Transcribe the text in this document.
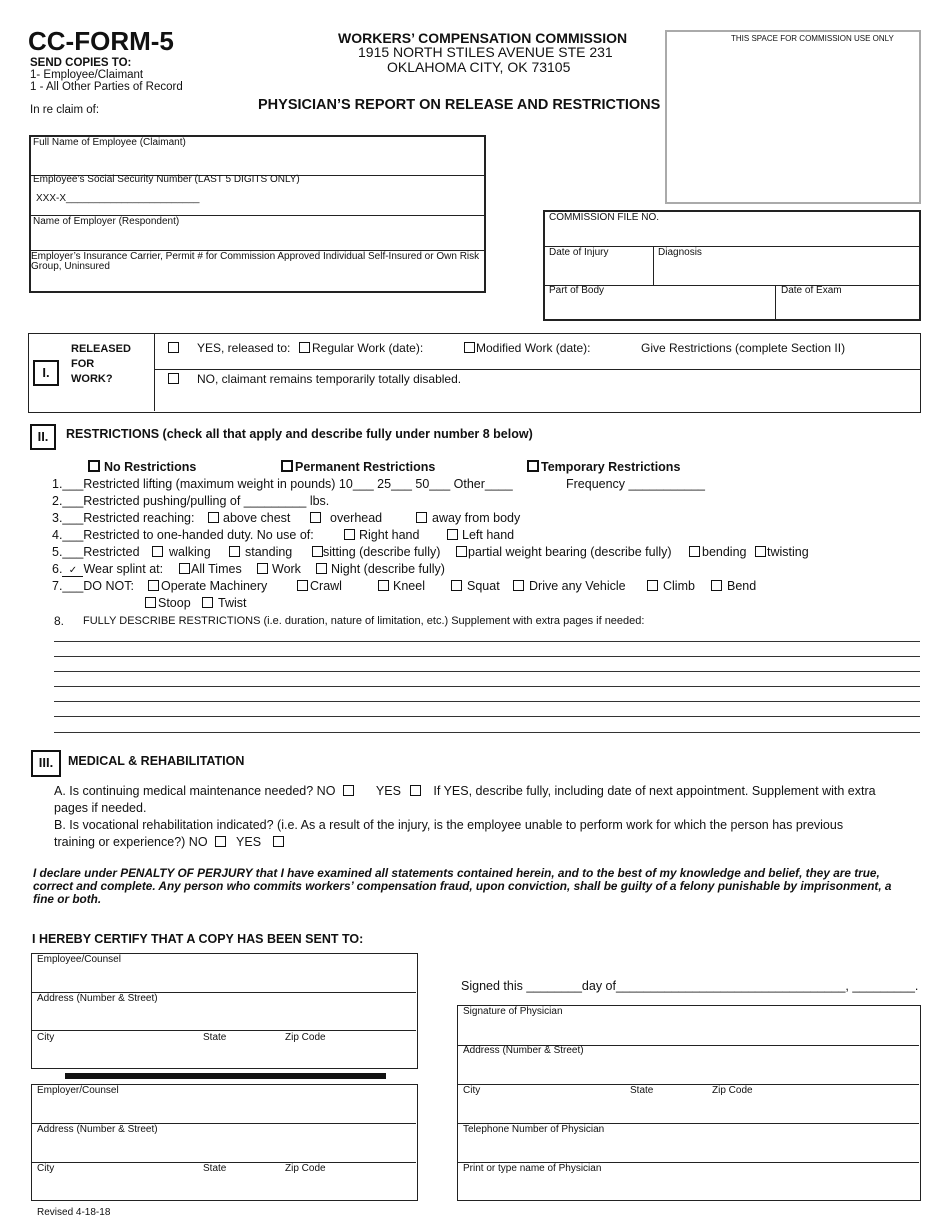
CC-FORM-5
SEND COPIES TO:
1- Employee/Claimant
1 - All Other Parties of Record
In re claim of:
WORKERS’ COMPENSATION COMMISSION
1915 NORTH STILES AVENUE STE 231
OKLAHOMA CITY, OK 73105
PHYSICIAN’S REPORT ON RELEASE AND RESTRICTIONS
THIS SPACE FOR COMMISSION USE ONLY
Full Name of Employee (Claimant)
Employee’s Social Security Number (LAST 5 DIGITS ONLY)
XXX-X________________________
Name of Employer (Respondent)
Employer’s Insurance Carrier, Permit # for Commission Approved Individual Self-Insured or Own Risk Group, Uninsured
COMMISSION FILE NO.
Date of Injury	Diagnosis
Part of Body	Date of Exam
I.
RELEASED
FOR
WORK?
YES, released to:	Regular Work (date):	Modified Work (date):	Give Restrictions (complete Section II)
NO, claimant remains temporarily totally disabled.
II.	RESTRICTIONS (check all that apply and describe fully under number 8 below)
No Restrictions	Permanent Restrictions	Temporary Restrictions
1.___Restricted lifting (maximum weight in pounds) 10___ 25___ 50___ Other____	Frequency ___________
2.___Restricted pushing/pulling of _________ lbs.
3.___Restricted reaching:	above chest	overhead	away from body
4.___Restricted to one-handed duty. No use of:	Right hand	Left hand
5.___Restricted	walking	standing	sitting (describe fully)	partial weight bearing (describe fully)	bending	twisting
6. ✓ Wear splint at:	All Times	Work	Night (describe fully)
7.___DO NOT:	Operate Machinery	Crawl	Kneel	Squat	Drive any Vehicle	Climb	Bend
Stoop	Twist
8. FULLY DESCRIBE RESTRICTIONS (i.e. duration, nature of limitation, etc.) Supplement with extra pages if needed:
III.	MEDICAL & REHABILITATION
A. Is continuing medical maintenance needed? NO	YES	If YES, describe fully, including date of next appointment. Supplement with extra
pages if needed.
B. Is vocational rehabilitation indicated? (i.e. As a result of the injury, is the employee unable to perform work for which the person has previous
training or experience?) NO YES
I declare under PENALTY OF PERJURY that I have examined all statements contained herein, and to the best of my knowledge and belief, they are true,
correct and complete. Any person who commits workers’ compensation fraud, upon conviction, shall be guilty of a felony punishable by imprisonment, a
fine or both.
I HEREBY CERTIFY THAT A COPY HAS BEEN SENT TO:
Employee/Counsel
Address (Number & Street)
City	State	Zip Code
Employer/Counsel
Address (Number & Street)
City	State	Zip Code
Signed this ________day of_________________________________, _________.
Signature of Physician
Address (Number & Street)
City	State	Zip Code
Telephone Number of Physician
Print or type name of Physician
Revised 4-18-18
